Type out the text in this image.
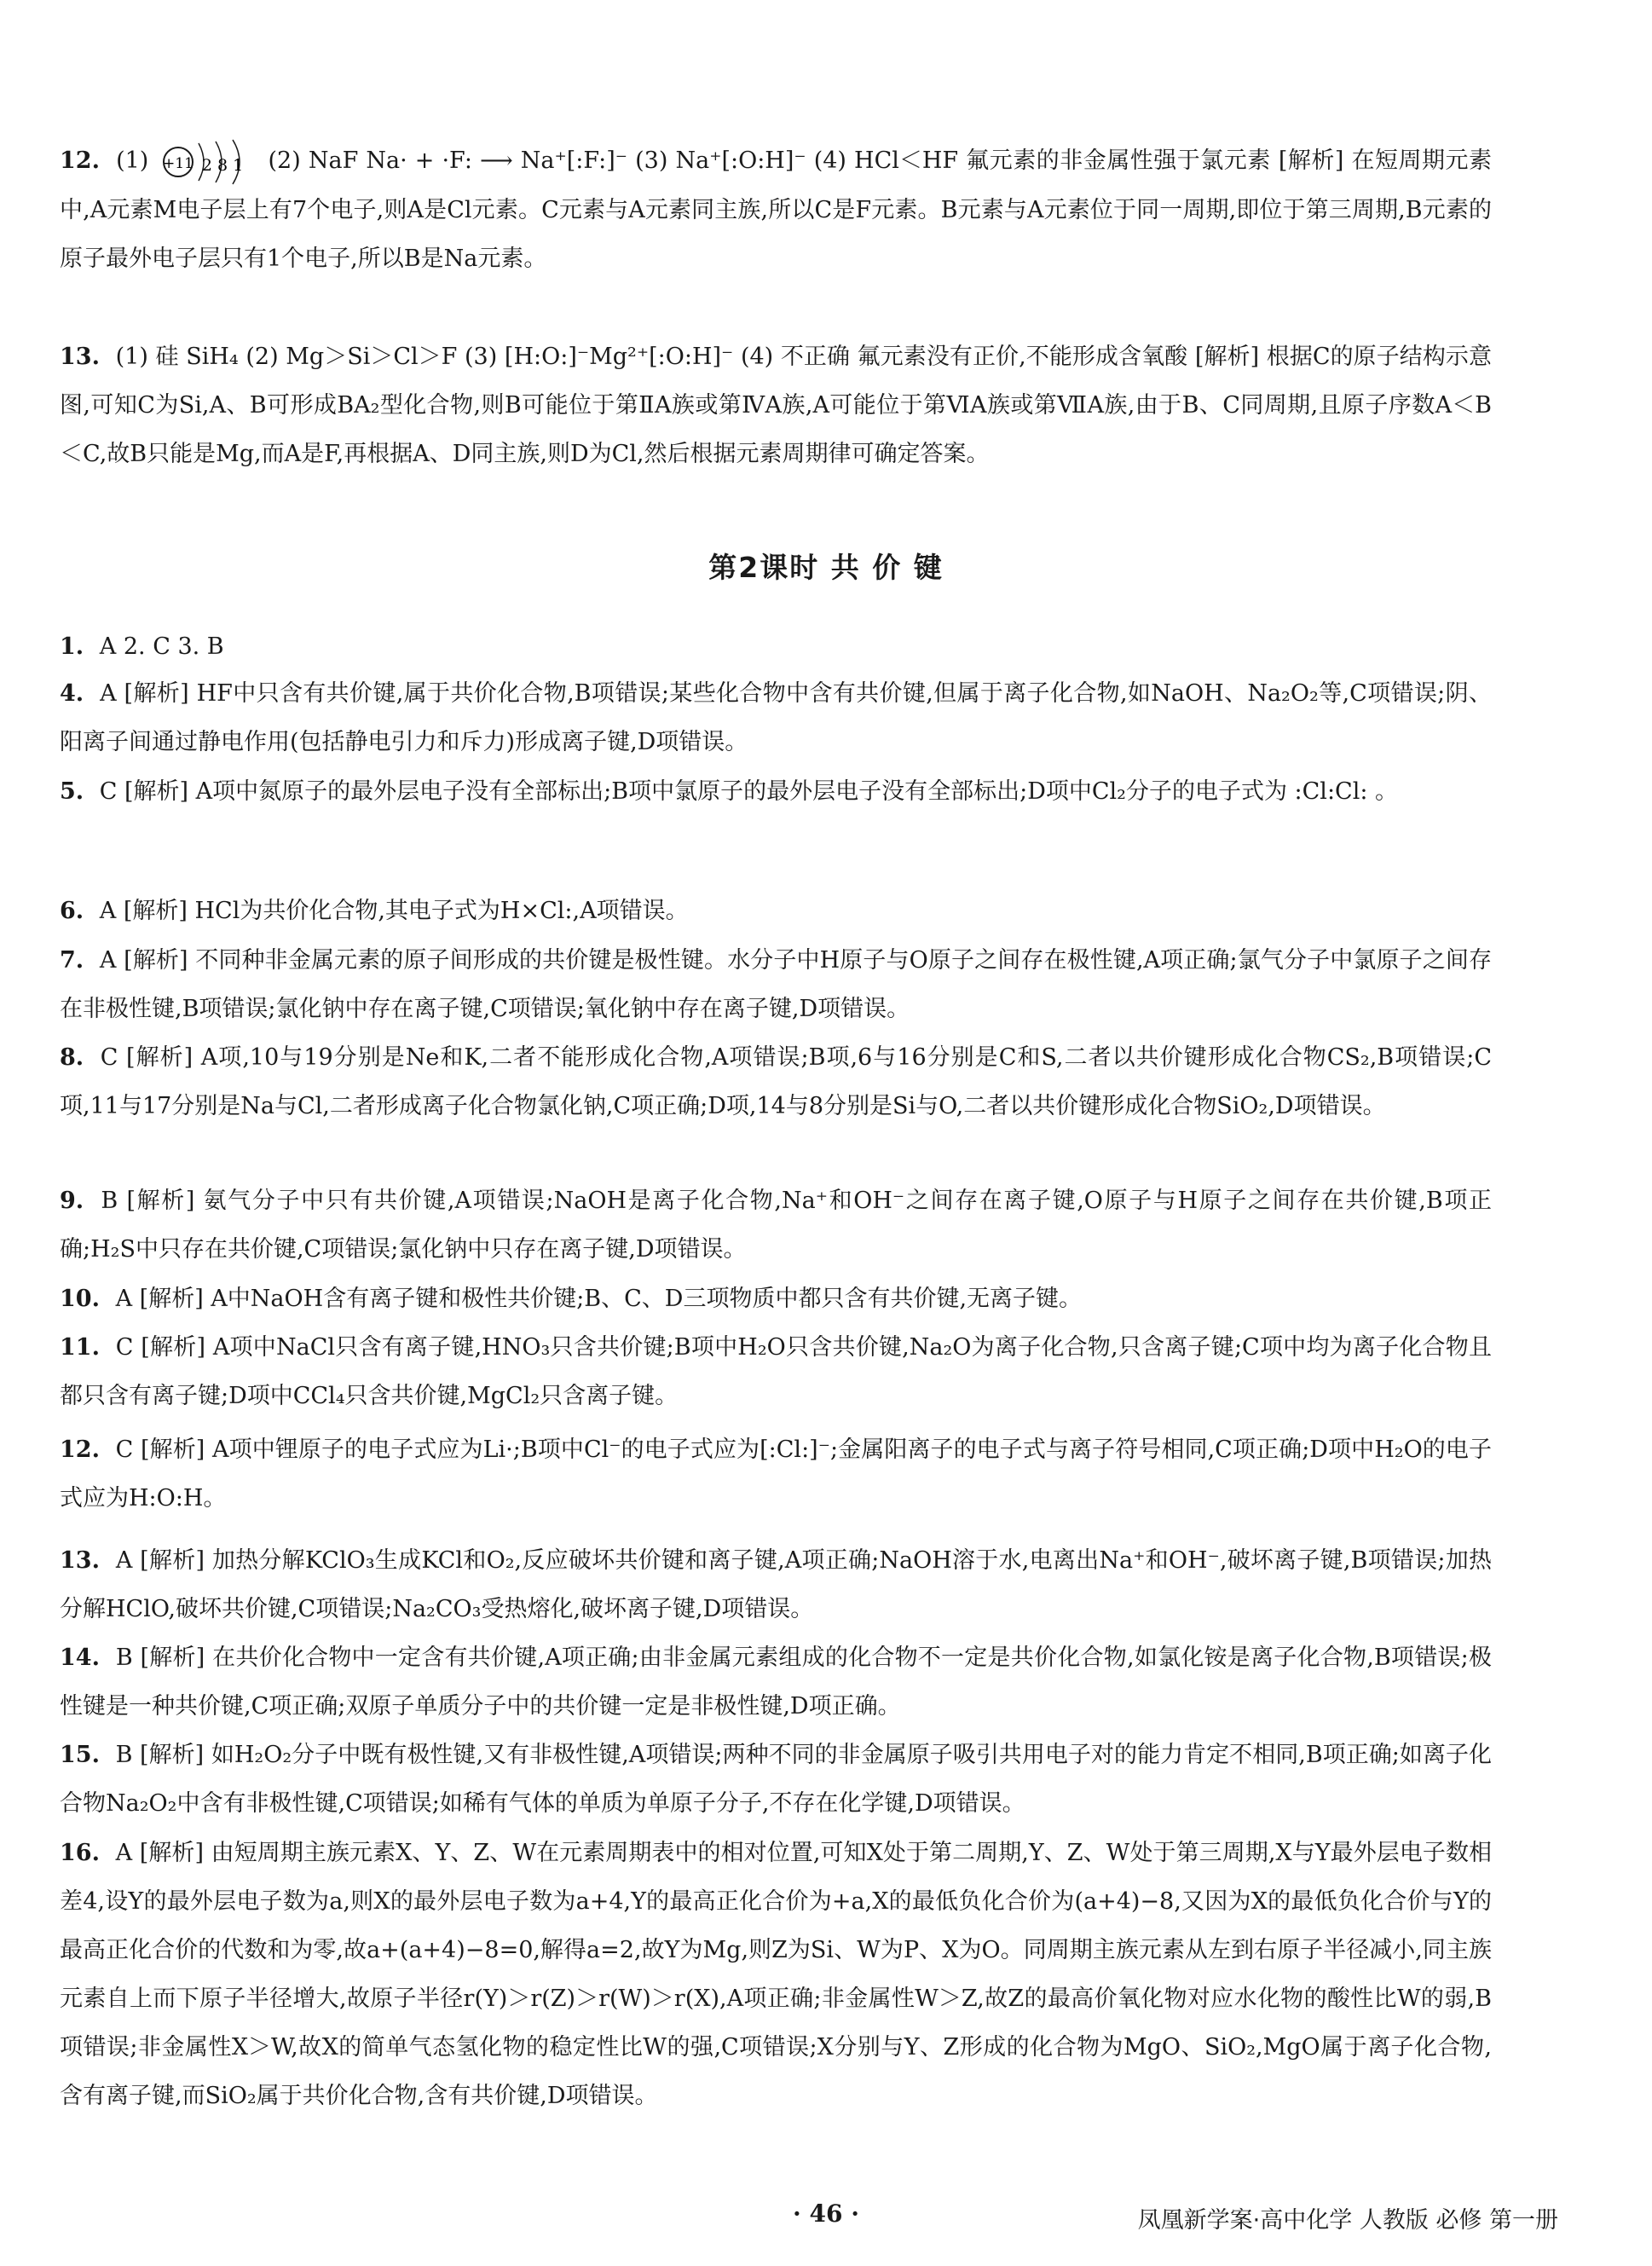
12. (1) +11 2 8 1 (2) NaF Na· + ·F: ⟶ Na⁺[:F:]⁻ (3) Na⁺[:O:H]⁻ (4) HCl＜HF 氟元素的非金属性强于氯元素 [解析] 在短周期元素中,A元素M电子层上有7个电子,则A是Cl元素。C元素与A元素同主族,所以C是F元素。B元素与A元素位于同一周期,即位于第三周期,B元素的原子最外电子层只有1个电子,所以B是Na元素。
13. (1) 硅 SiH₄ (2) Mg＞Si＞Cl＞F (3) [H:O:]⁻Mg²⁺[:O:H]⁻ (4) 不正确 氟元素没有正价,不能形成含氧酸 [解析] 根据C的原子结构示意图,可知C为Si,A、B可形成BA₂型化合物,则B可能位于第ⅡA族或第ⅣA族,A可能位于第ⅥA族或第ⅦA族,由于B、C同周期,且原子序数A＜B＜C,故B只能是Mg,而A是F,再根据A、D同主族,则D为Cl,然后根据元素周期律可确定答案。
第2课时 共 价 键
1. A 2. C 3. B
4. A [解析] HF中只含有共价键,属于共价化合物,B项错误;某些化合物中含有共价键,但属于离子化合物,如NaOH、Na₂O₂等,C项错误;阴、阳离子间通过静电作用(包括静电引力和斥力)形成离子键,D项错误。
5. C [解析] A项中氮原子的最外层电子没有全部标出;B项中氯原子的最外层电子没有全部标出;D项中Cl₂分子的电子式为 :Cl:Cl: 。
6. A [解析] HCl为共价化合物,其电子式为H×Cl:,A项错误。
7. A [解析] 不同种非金属元素的原子间形成的共价键是极性键。水分子中H原子与O原子之间存在极性键,A项正确;氯气分子中氯原子之间存在非极性键,B项错误;氯化钠中存在离子键,C项错误;氧化钠中存在离子键,D项错误。
8. C [解析] A项,10与19分别是Ne和K,二者不能形成化合物,A项错误;B项,6与16分别是C和S,二者以共价键形成化合物CS₂,B项错误;C项,11与17分别是Na与Cl,二者形成离子化合物氯化钠,C项正确;D项,14与8分别是Si与O,二者以共价键形成化合物SiO₂,D项错误。
9. B [解析] 氨气分子中只有共价键,A项错误;NaOH是离子化合物,Na⁺和OH⁻之间存在离子键,O原子与H原子之间存在共价键,B项正确;H₂S中只存在共价键,C项错误;氯化钠中只存在离子键,D项错误。
10. A [解析] A中NaOH含有离子键和极性共价键;B、C、D三项物质中都只含有共价键,无离子键。
11. C [解析] A项中NaCl只含有离子键,HNO₃只含共价键;B项中H₂O只含共价键,Na₂O为离子化合物,只含离子键;C项中均为离子化合物且都只含有离子键;D项中CCl₄只含共价键,MgCl₂只含离子键。
12. C [解析] A项中锂原子的电子式应为Li·;B项中Cl⁻的电子式应为[:Cl:]⁻;金属阳离子的电子式与离子符号相同,C项正确;D项中H₂O的电子式应为H:O:H。
13. A [解析] 加热分解KClO₃生成KCl和O₂,反应破坏共价键和离子键,A项正确;NaOH溶于水,电离出Na⁺和OH⁻,破坏离子键,B项错误;加热分解HClO,破坏共价键,C项错误;Na₂CO₃受热熔化,破坏离子键,D项错误。
14. B [解析] 在共价化合物中一定含有共价键,A项正确;由非金属元素组成的化合物不一定是共价化合物,如氯化铵是离子化合物,B项错误;极性键是一种共价键,C项正确;双原子单质分子中的共价键一定是非极性键,D项正确。
15. B [解析] 如H₂O₂分子中既有极性键,又有非极性键,A项错误;两种不同的非金属原子吸引共用电子对的能力肯定不相同,B项正确;如离子化合物Na₂O₂中含有非极性键,C项错误;如稀有气体的单质为单原子分子,不存在化学键,D项错误。
16. A [解析] 由短周期主族元素X、Y、Z、W在元素周期表中的相对位置,可知X处于第二周期,Y、Z、W处于第三周期,X与Y最外层电子数相差4,设Y的最外层电子数为a,则X的最外层电子数为a+4,Y的最高正化合价为+a,X的最低负化合价为(a+4)−8,又因为X的最低负化合价与Y的最高正化合价的代数和为零,故a+(a+4)−8=0,解得a=2,故Y为Mg,则Z为Si、W为P、X为O。同周期主族元素从左到右原子半径减小,同主族元素自上而下原子半径增大,故原子半径r(Y)＞r(Z)＞r(W)＞r(X),A项正确;非金属性W＞Z,故Z的最高价氧化物对应水化物的酸性比W的弱,B项错误;非金属性X＞W,故X的简单气态氢化物的稳定性比W的强,C项错误;X分别与Y、Z形成的化合物为MgO、SiO₂,MgO属于离子化合物,含有离子键,而SiO₂属于共价化合物,含有共价键,D项错误。
· 46 ·	凤凰新学案·高中化学 人教版 必修 第一册
